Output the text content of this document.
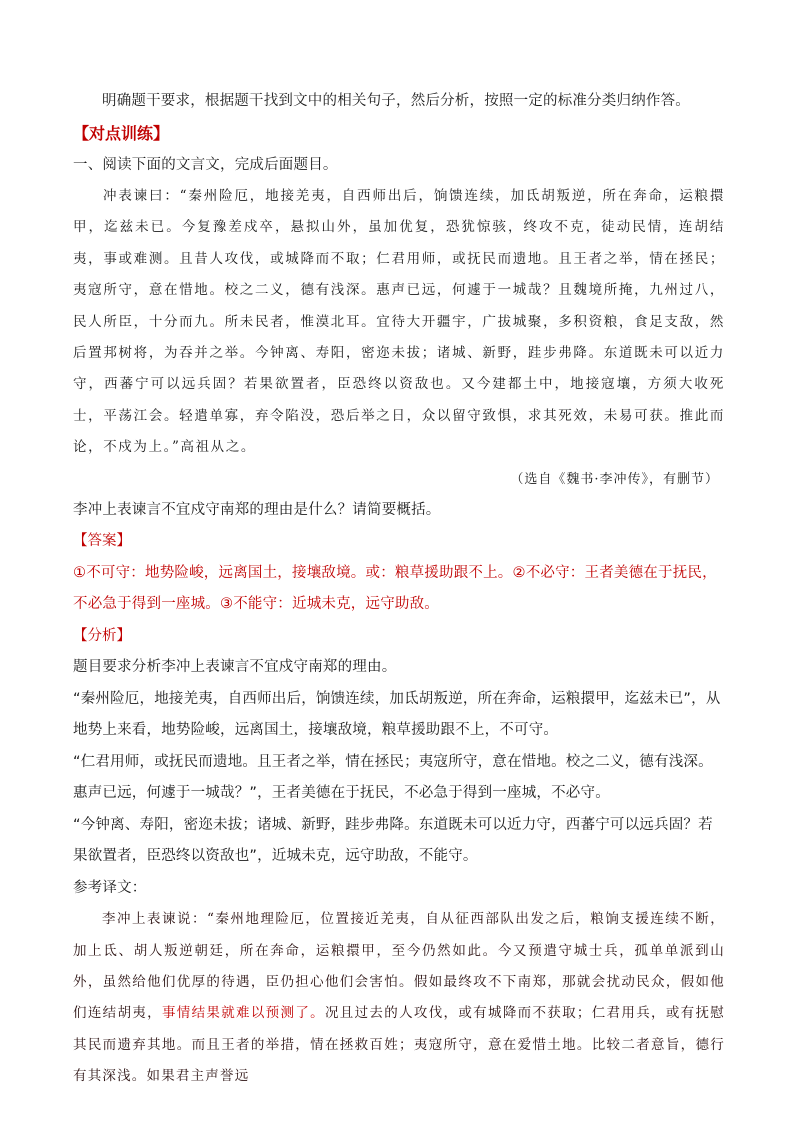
明确题干要求，根据题干找到文中的相关句子，然后分析，按照一定的标准分类归纳作答。

【对点训练】

一、阅读下面的文言文，完成后面题目。

冲表谏曰：“秦州险厄，地接羌夷，自西师出后，饷馈连续，加氐胡叛逆，所在奔命，运粮擐甲，迄兹未已。今复豫差戍卒，悬拟山外，虽加优复，恐犹惊骇，终攻不克，徒动民情，连胡结夷，事或难测。且昔人攻伐，或城降而不取；仁君用师，或抚民而遗地。且王者之举，情在拯民；夷寇所守，意在惜地。校之二义，德有浅深。惠声已远，何遽于一城哉？且魏境所掩，九州过八，民人所臣，十分而九。所未民者，惟漠北耳。宜待大开疆宇，广拔城聚，多积资粮，食足支敌，然后置邦树将，为吞并之举。今钟离、寿阳，密迩未拔；诸城、新野，跬步弗降。东道既未可以近力守，西蕃宁可以远兵固？若果欲置者，臣恐终以资敌也。又今建都土中，地接寇壤，方须大收死士，平荡江会。轻遣单寡，弃令陷没，恐后举之日，众以留守致惧，求其死效，未易可获。推此而论，不戍为上。”高祖从之。

（选自《魏书·李冲传》，有删节）

李冲上表谏言不宜戍守南郑的理由是什么？请简要概括。

【答案】

①不可守：地势险峻，远离国土，接壤敌境。或：粮草援助跟不上。②不必守：王者美德在于抚民，不必急于得到一座城。③不能守：近城未克，远守助敌。

【分析】

题目要求分析李冲上表谏言不宜戍守南郑的理由。

“秦州险厄，地接羌夷，自西师出后，饷馈连续，加氐胡叛逆，所在奔命，运粮擐甲，迄兹未已”，从地势上来看，地势险峻，远离国土，接壤敌境，粮草援助跟不上，不可守。

“仁君用师，或抚民而遗地。且王者之举，情在拯民；夷寇所守，意在惜地。校之二义，德有浅深。惠声已远，何遽于一城哉？”，王者美德在于抚民，不必急于得到一座城，不必守。

“今钟离、寿阳，密迩未拔；诸城、新野，跬步弗降。东道既未可以近力守，西蕃宁可以远兵固？若果欲置者，臣恐终以资敌也”，近城未克，远守助敌，不能守。

参考译文：

李冲上表谏说：“秦州地理险厄，位置接近羌夷，自从征西部队出发之后，粮饷支援连续不断，加上氐、胡人叛逆朝廷，所在奔命，运粮擐甲，至今仍然如此。今又预遣守城士兵，孤单单派到山外，虽然给他们优厚的待遇，臣仍担心他们会害怕。假如最终攻不下南郑，那就会扰动民众，假如他们连结胡夷，事情结果就难以预测了。况且过去的人攻伐，或有城降而不获取；仁君用兵，或有抚慰其民而遗弃其地。而且王者的举措，情在拯救百姓；夷寇所守，意在爱惜土地。比较二者意旨，德行有其深浅。如果君主声誉远
